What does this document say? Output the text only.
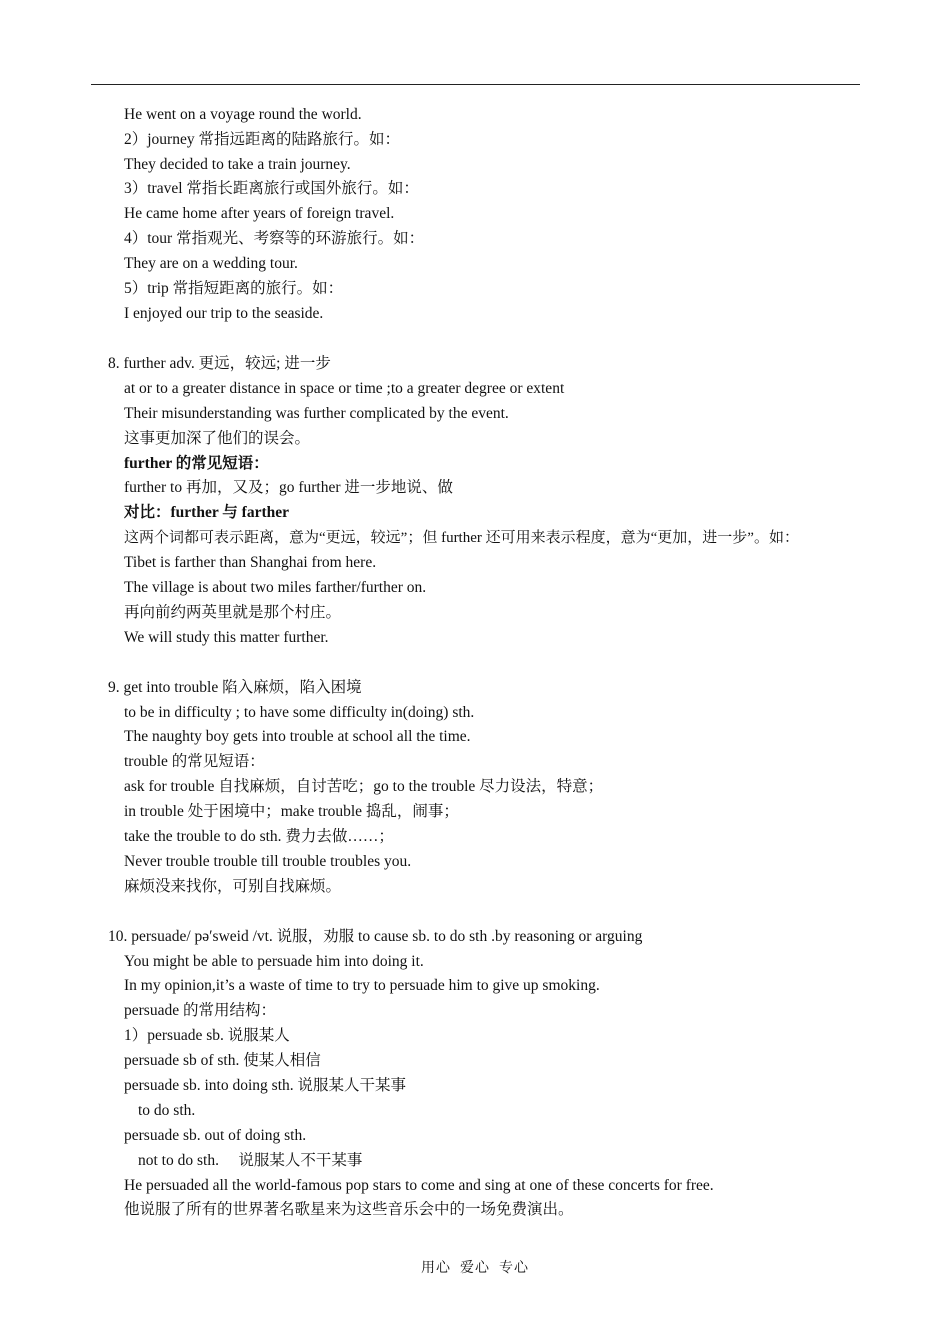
He went on a voyage round the world.
2）journey 常指远距离的陆路旅行。如：
They decided to take a train journey.
3）travel 常指长距离旅行或国外旅行。如：
He came home after years of foreign travel.
4）tour 常指观光、考察等的环游旅行。如：
They are on a wedding tour.
5）trip 常指短距离的旅行。如：
I enjoyed our trip to the seaside.
8. further adv. 更远，较远; 进一步
at or to a greater distance in space or time ;to a greater degree or extent
Their misunderstanding was further complicated by the event.
这事更加深了他们的误会。
further 的常见短语：
further to 再加，又及；go further 进一步地说、做
对比：further 与 farther
这两个词都可表示距离，意为“更远，较远”；但 further 还可用来表示程度，意为“更加，进一步”。如：
Tibet is farther than Shanghai from here.
The village is about two miles farther/further on.
再向前约两英里就是那个村庄。
We will study this matter further.
9. get into trouble 陷入麻烦，陷入困境
to be in difficulty ; to have some difficulty in(doing) sth.
The naughty boy gets into trouble at school all the time.
trouble 的常见短语：
ask for trouble 自找麻烦，自讨苦吃；go to the trouble 尽力设法，特意；
in trouble 处于困境中；make trouble 捣乱，闹事；
take the trouble to do sth. 费力去做……；
Never trouble trouble till trouble troubles you.
麻烦没来找你，可别自找麻烦。
10. persuade/ pə′sweid /vt. 说服，劝服 to cause sb. to do sth .by reasoning or arguing
You might be able to persuade him into doing it.
In my opinion,it’s a waste of time to try to persuade him to give up smoking.
persuade 的常用结构：
1）persuade sb. 说服某人
persuade sb of sth. 使某人相信
persuade sb. into doing sth. 说服某人干某事
to do sth.
persuade sb. out of doing sth.
not to do sth.     说服某人不干某事
He persuaded all the world-famous pop stars to come and sing at one of these concerts for free.
他说服了所有的世界著名歌星来为这些音乐会中的一场免费演出。
用心  爱心  专心
